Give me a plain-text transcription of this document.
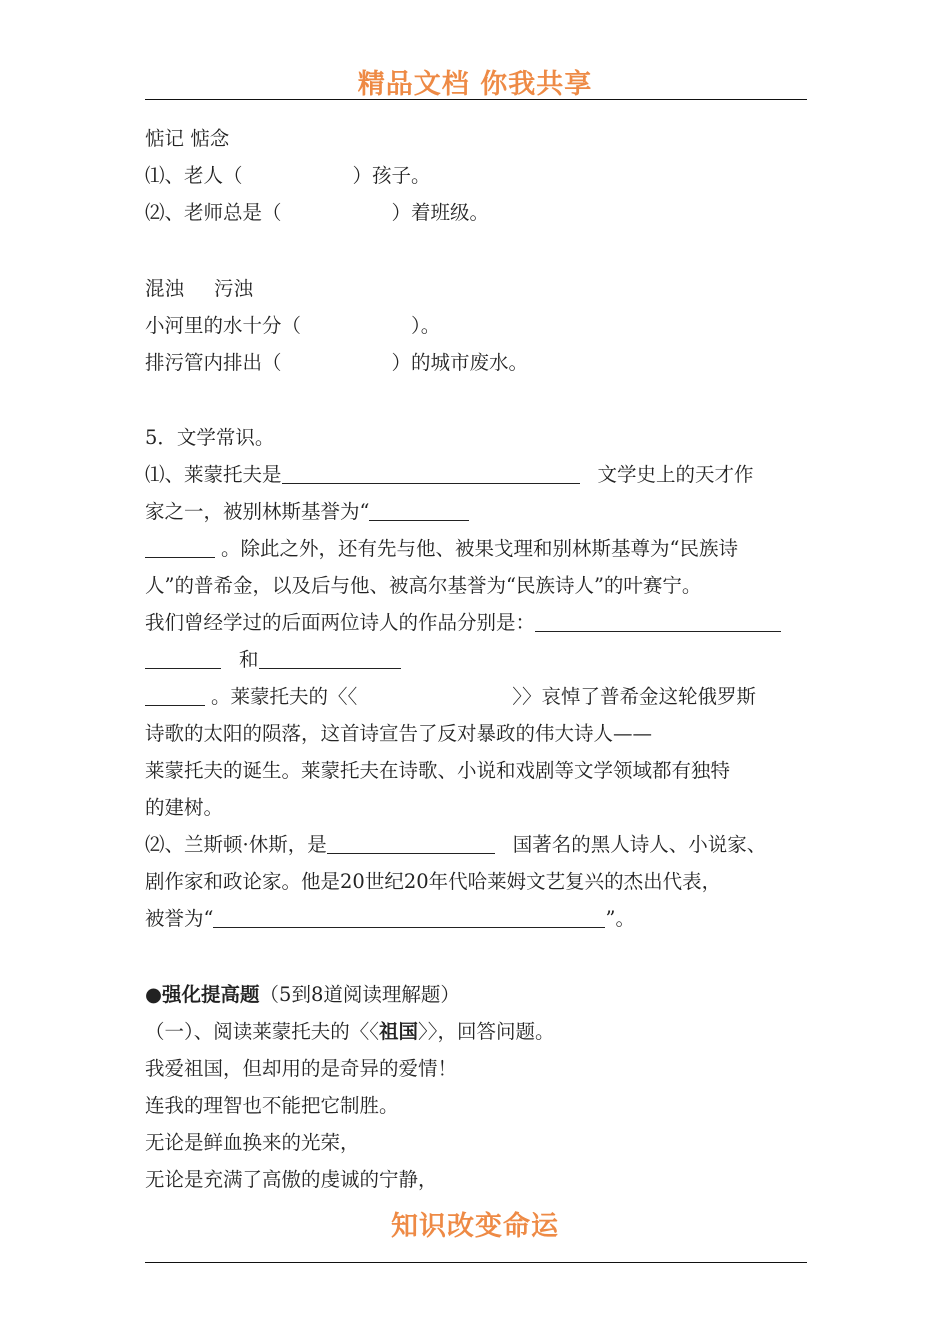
精品文档 你我共享
惦记 惦念
⑴、老人（	）孩子。
⑵、老师总是（	）着班级。
混浊 污浊
小河里的水十分（	）。
排污管内排出（	）的城市废水。
5．文学常识。
⑴、莱蒙托夫是	文学史上的天才作
家之一，被别林斯基誉为“
。除此之外，还有先与他、被果戈理和别林斯基尊为“民族诗
人”的普希金，以及后与他、被高尔基誉为“民族诗人”的叶赛宁。
我们曾经学过的后面两位诗人的作品分别是：
和
。莱蒙托夫的〈〈	〉〉哀悼了普希金这轮俄罗斯
诗歌的太阳的陨落，这首诗宣告了反对暴政的伟大诗人——
莱蒙托夫的诞生。莱蒙托夫在诗歌、小说和戏剧等文学领域都有独特
的建树。
⑵、兰斯顿·休斯，是	国著名的黑人诗人、小说家、
剧作家和政论家。他是20世纪20年代哈莱姆文艺复兴的杰出代表，
被誉为“	”。
●强化提高题（5到8道阅读理解题）
（一）、阅读莱蒙托夫的〈〈祖国〉〉，回答问题。
我爱祖国，但却用的是奇异的爱情！
连我的理智也不能把它制胜。
无论是鲜血换来的光荣，
无论是充满了高傲的虔诚的宁静，
知识改变命运
